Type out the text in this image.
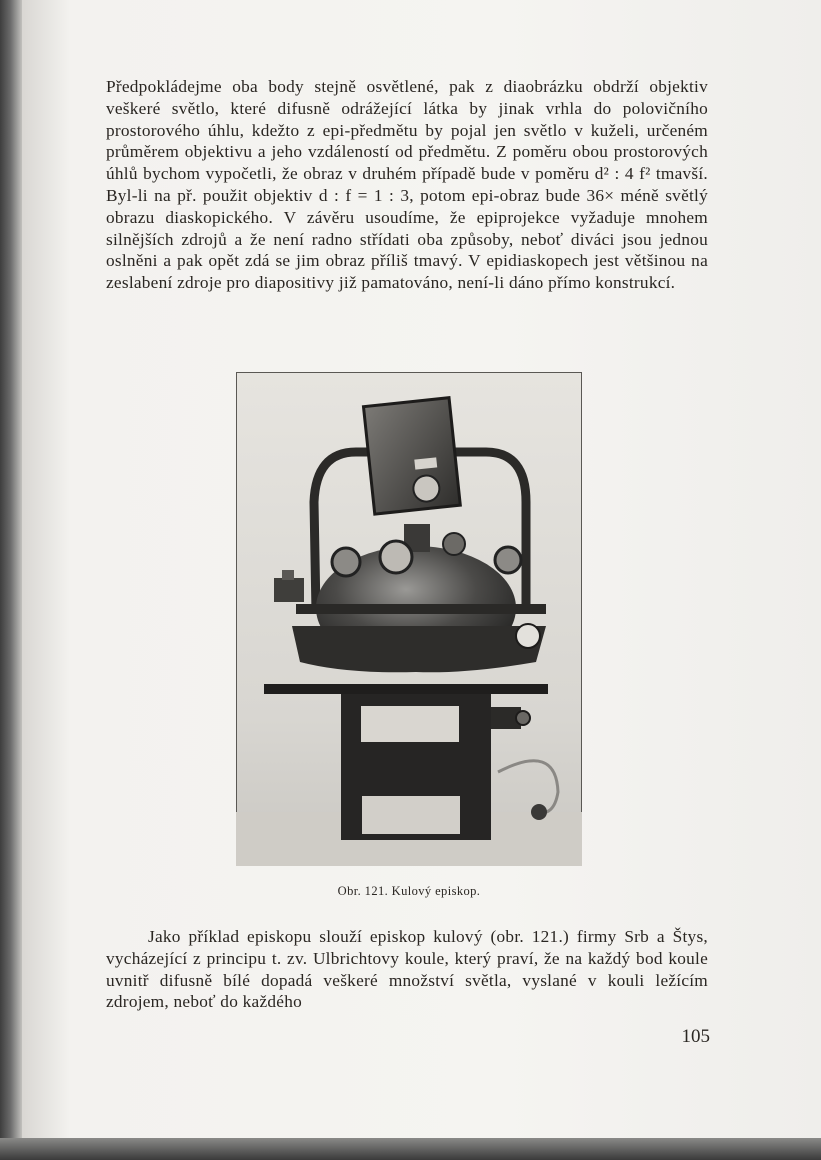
Předpokládejme oba body stejně osvětlené, pak z diaobrázku obdrží objektiv veškeré světlo, které difusně odrážející látka by jinak vrhla do polovičního prostorového úhlu, kdežto z epi-předmětu by pojal jen světlo v kuželi, určeném průměrem objektivu a jeho vzdáleností od předmětu. Z poměru obou prostorových úhlů bychom vypočetli, že obraz v druhém případě bude v poměru d² : 4 f² tmavší. Byl-li na př. použit objektiv d : f = 1 : 3, potom epi-obraz bude 36× méně světlý obrazu diaskopického. V závěru usoudíme, že epiprojekce vyžaduje mnohem silnějších zdrojů a že není radno střídati oba způsoby, neboť diváci jsou jednou oslněni a pak opět zdá se jim obraz příliš tmavý. V epidiaskopech jest většinou na zeslabení zdroje pro diapositivy již pamatováno, není-li dáno přímo konstrukcí.

Obr. 121. Kulový episkop.

Jako příklad episkopu slouží episkop kulový (obr. 121.) firmy Srb a Štys, vycházející z principu t. zv. Ulbrichtovy koule, který praví, že na každý bod koule uvnitř difusně bílé dopadá veškeré množství světla, vyslané v kouli ležícím zdrojem, neboť do každého

105
